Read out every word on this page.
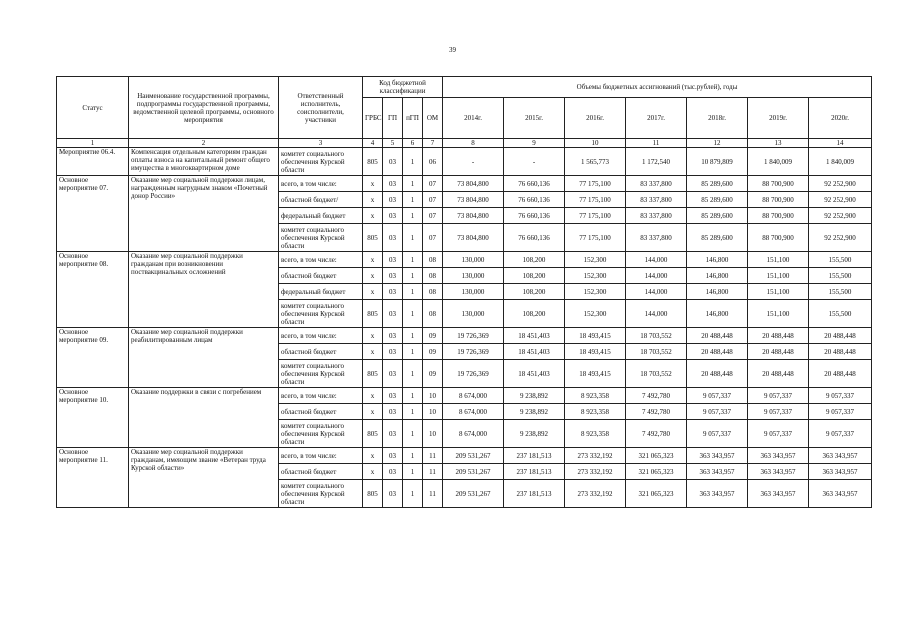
39
Статус	Наименование государственной программы, подпрограммы государственной программы, ведомственной целевой программы, основного мероприятия	Ответственный исполнитель, соисполнители, участники	Код бюджетной классификации				Объемы бюджетных ассигнований (тыс.рублей), годы						
			ГРБС	ГП	пГП	ОМ	2014г.	2015г.	2016г.	2017г.	2018г.	2019г.	2020г.
1	2	3	4	5	6	7	8	9	10	11	12	13	14
Мероприятие 06.4.	Компенсация отдельным категориям граждан оплаты взноса на капитальный ремонт общего имущества в многоквартирном доме	комитет социального обеспечения Курской области	805	03	1	06	-	-	1 565,773	1 172,540	10 879,809	1 840,009	1 840,009
Основное мероприятие 07.	Оказание мер социальной поддержки лицам, награжденным нагрудным знаком «Почетный донор России»	всего, в том числе:	x	03	1	07	73 804,800	76 660,136	77 175,100	83 337,800	85 289,600	88 700,900	92 252,900
		областной бюджет/	x	03	1	07	73 804,800	76 660,136	77 175,100	83 337,800	85 289,600	88 700,900	92 252,900
		федеральный бюджет	x	03	1	07	73 804,800	76 660,136	77 175,100	83 337,800	85 289,600	88 700,900	92 252,900
		комитет социального обеспечения Курской области	805	03	1	07	73 804,800	76 660,136	77 175,100	83 337,800	85 289,600	88 700,900	92 252,900
Основное мероприятие 08.	Оказание мер социальной поддержки гражданам при возникновении поствакцинальных осложнений	всего, в том числе:	x	03	1	08	130,000	108,200	152,300	144,000	146,800	151,100	155,500
		областной бюджет	x	03	1	08	130,000	108,200	152,300	144,000	146,800	151,100	155,500
		федеральный бюджет	x	03	1	08	130,000	108,200	152,300	144,000	146,800	151,100	155,500
		комитет социального обеспечения Курской области	805	03	1	08	130,000	108,200	152,300	144,000	146,800	151,100	155,500
Основное мероприятие 09.	Оказание мер социальной поддержки реабилитированным лицам	всего, в том числе:	x	03	1	09	19 726,369	18 451,403	18 493,415	18 703,552	20 488,448	20 488,448	20 488,448
		областной бюджет	x	03	1	09	19 726,369	18 451,403	18 493,415	18 703,552	20 488,448	20 488,448	20 488,448
		комитет социального обеспечения Курской области	805	03	1	09	19 726,369	18 451,403	18 493,415	18 703,552	20 488,448	20 488,448	20 488,448
Основное мероприятие 10.	Оказание поддержки в связи с погребением	всего, в том числе:	x	03	1	10	8 674,000	9 238,892	8 923,358	7 492,780	9 057,337	9 057,337	9 057,337
		областной бюджет	x	03	1	10	8 674,000	9 238,892	8 923,358	7 492,780	9 057,337	9 057,337	9 057,337
		комитет социального обеспечения Курской области	805	03	1	10	8 674,000	9 238,892	8 923,358	7 492,780	9 057,337	9 057,337	9 057,337
Основное мероприятие 11.	Оказание мер социальной поддержки гражданам, имеющим звание «Ветеран труда Курской области»	всего, в том числе:	x	03	1	11	209 531,267	237 181,513	273 332,192	321 065,323	363 343,957	363 343,957	363 343,957
		областной бюджет	x	03	1	11	209 531,267	237 181,513	273 332,192	321 065,323	363 343,957	363 343,957	363 343,957
		комитет социального обеспечения Курской области	805	03	1	11	209 531,267	237 181,513	273 332,192	321 065,323	363 343,957	363 343,957	363 343,957
